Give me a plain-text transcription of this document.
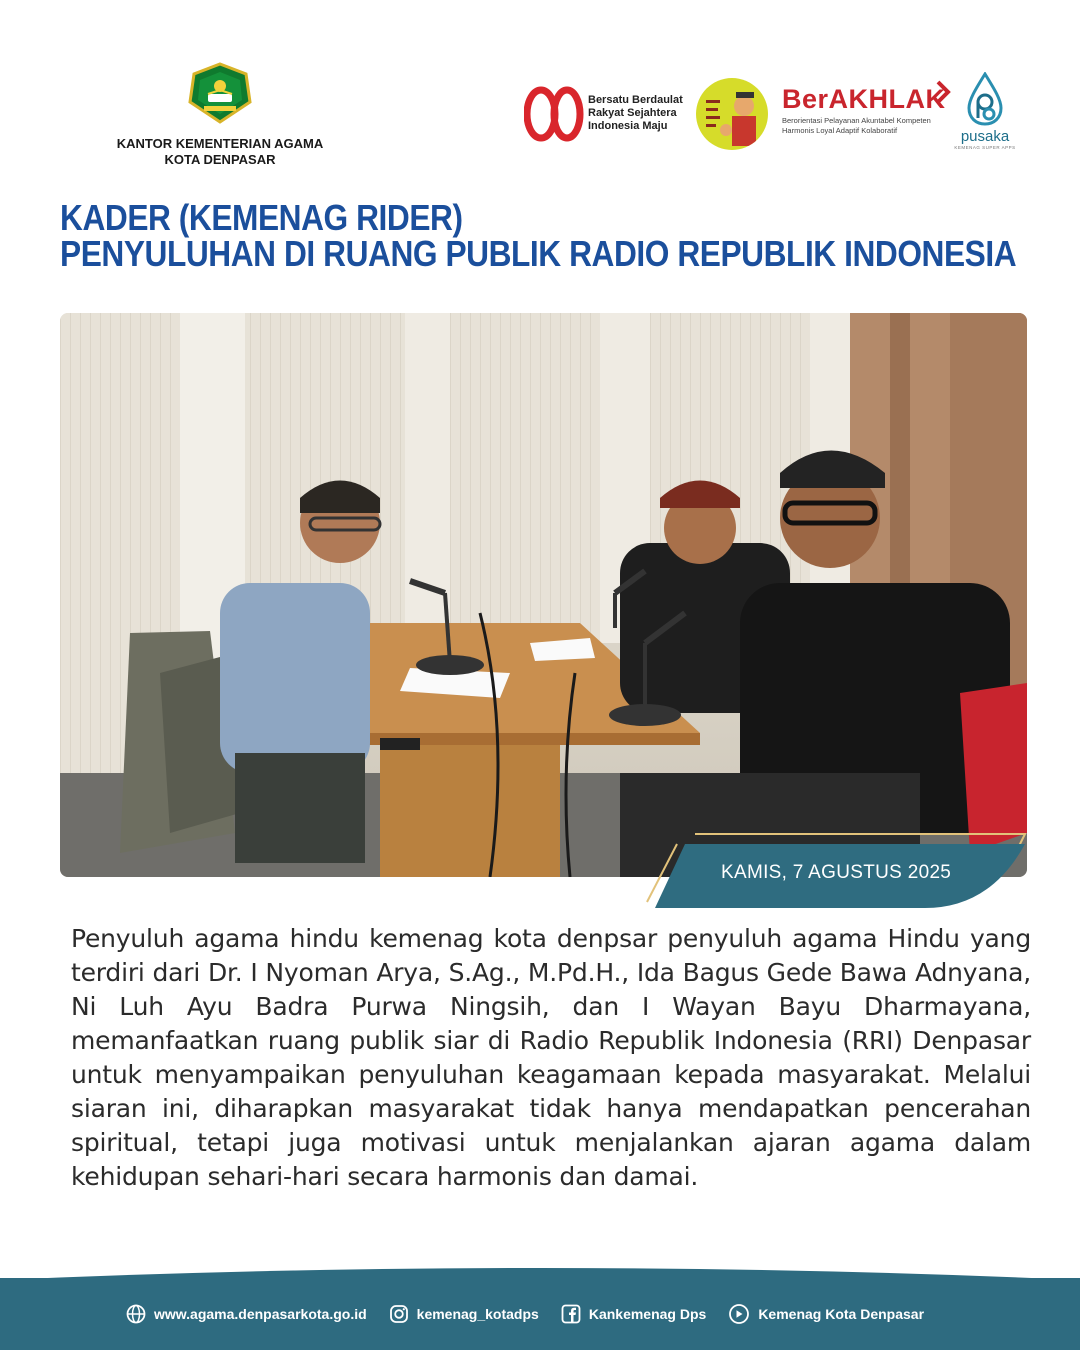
KANTOR KEMENTERIAN AGAMA
KOTA DENPASAR
Bersatu Berdaulat
Rakyat Sejahtera
Indonesia Maju
BerAKHLAK
Berorientasi Pelayanan Akuntabel Kompeten
Harmonis Loyal Adaptif Kolaboratif	pusaka
KEMENAG SUPER APPS
KADER (KEMENAG RIDER)
PENYULUHAN DI RUANG PUBLIK RADIO REPUBLIK INDONESIA
KAMIS, 7 AGUSTUS 2025
Penyuluh agama hindu kemenag kota denpsar penyuluh agama Hindu yang terdiri dari Dr. I Nyoman Arya, S.Ag., M.Pd.H., Ida Bagus Gede Bawa Adnyana, Ni Luh Ayu Badra Purwa Ningsih, dan I Wayan Bayu Dharmayana, memanfaatkan ruang publik siar di Radio Republik Indonesia (RRI) Denpasar untuk menyampaikan penyuluhan keagamaan kepada masyarakat. Melalui siaran ini, diharapkan masyarakat tidak hanya mendapatkan pencerahan spiritual, tetapi juga motivasi untuk menjalankan ajaran agama dalam kehidupan sehari-hari secara harmonis dan damai.
www.agama.denpasarkota.go.id	kemenag_kotadps	Kankemenag Dps	Kemenag Kota Denpasar
